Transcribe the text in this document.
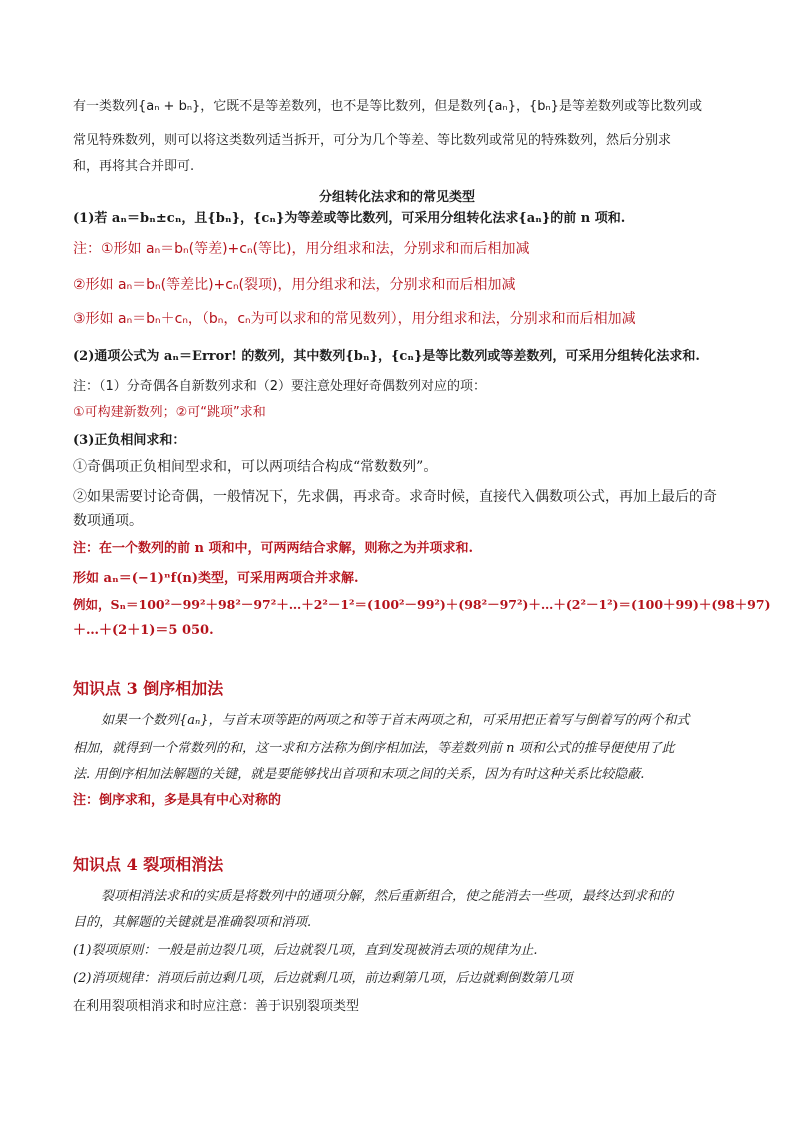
有一类数列{aₙ + bₙ}，它既不是等差数列，也不是等比数列，但是数列{aₙ}，{bₙ}是等差数列或等比数列或
常见特殊数列，则可以将这类数列适当拆开，可分为几个等差、等比数列或常见的特殊数列，然后分别求
和，再将其合并即可.
分组转化法求和的常见类型
(1)若 aₙ＝bₙ±cₙ，且{bₙ}，{cₙ}为等差或等比数列，可采用分组转化法求{aₙ}的前 n 项和.
注：①形如 aₙ＝bₙ(等差)+cₙ(等比)，用分组求和法，分别求和而后相加减
②形如 aₙ＝bₙ(等差比)+cₙ(裂项)，用分组求和法，分别求和而后相加减
③形如 aₙ＝bₙ＋cₙ，（bₙ，cₙ为可以求和的常见数列），用分组求和法，分别求和而后相加减
(2)通项公式为 aₙ＝Error! 的数列，其中数列{bₙ}，{cₙ}是等比数列或等差数列，可采用分组转化法求和.
注：（1）分奇偶各自新数列求和（2）要注意处理好奇偶数列对应的项：
①可构建新数列；②可“跳项”求和
(3)正负相间求和：
①奇偶项正负相间型求和，可以两项结合构成“常数数列”。
②如果需要讨论奇偶，一般情况下，先求偶，再求奇。求奇时候，直接代入偶数项公式，再加上最后的奇
数项通项。
注：在一个数列的前 n 项和中，可两两结合求解，则称之为并项求和.
形如 aₙ＝(−1)ⁿf(n)类型，可采用两项合并求解.
例如，Sₙ＝100²－99²＋98²－97²＋…＋2²－1²＝(100²－99²)＋(98²－97²)＋…＋(2²－1²)＝(100＋99)＋(98＋97)
＋…＋(2＋1)＝5 050.
知识点 3 倒序相加法
如果一个数列{aₙ}，与首末项等距的两项之和等于首末两项之和，可采用把正着写与倒着写的两个和式
相加，就得到一个常数列的和，这一求和方法称为倒序相加法，等差数列前 n 项和公式的推导便使用了此
法. 用倒序相加法解题的关键，就是要能够找出首项和末项之间的关系，因为有时这种关系比较隐蔽.
注：倒序求和，多是具有中心对称的
知识点 4 裂项相消法
裂项相消法求和的实质是将数列中的通项分解，然后重新组合，使之能消去一些项，最终达到求和的
目的，其解题的关键就是准确裂项和消项.
(1)裂项原则：一般是前边裂几项，后边就裂几项，直到发现被消去项的规律为止.
(2)消项规律：消项后前边剩几项，后边就剩几项，前边剩第几项，后边就剩倒数第几项
在利用裂项相消求和时应注意：善于识别裂项类型
